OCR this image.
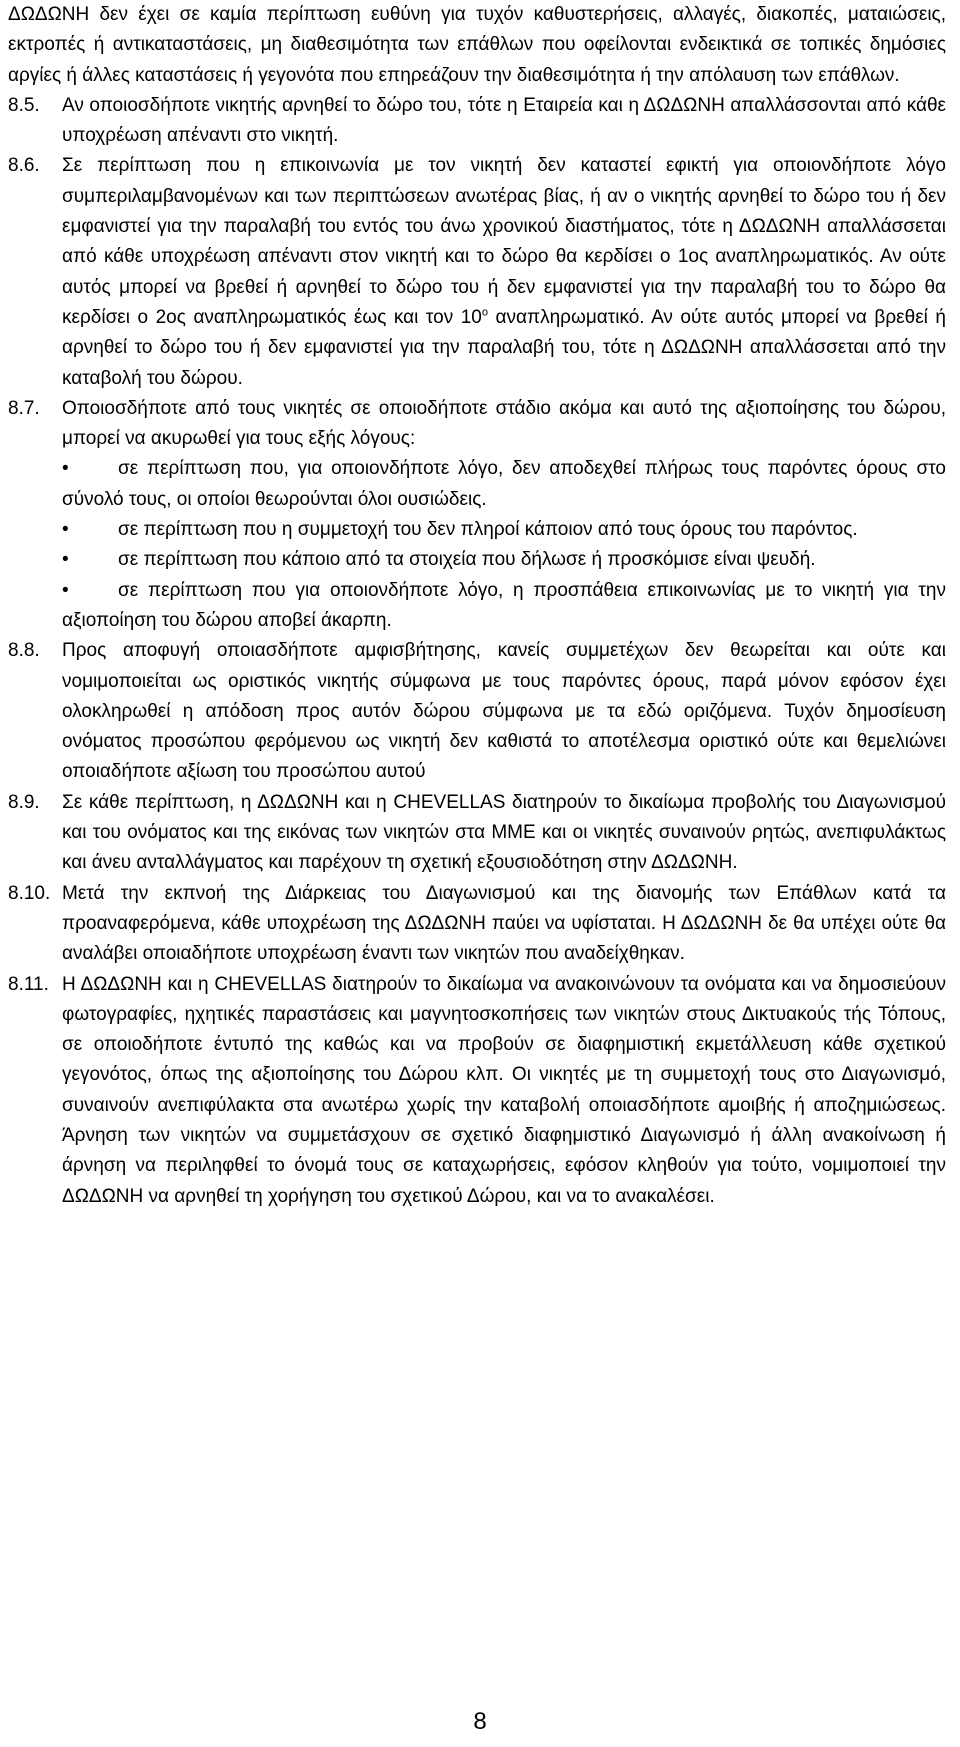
ΔΩΔΩΝΗ δεν έχει σε καμία περίπτωση ευθύνη για τυχόν καθυστερήσεις, αλλαγές, διακοπές, ματαιώσεις, εκτροπές ή αντικαταστάσεις, μη διαθεσιμότητα των επάθλων που οφείλονται ενδεικτικά σε τοπικές δημόσιες αργίες ή άλλες καταστάσεις ή γεγονότα που επηρεάζουν την διαθεσιμότητα ή την απόλαυση των επάθλων.

8.5. Αν οποιοσδήποτε νικητής αρνηθεί το δώρο του, τότε η Εταιρεία και η ΔΩΔΩΝΗ απαλλάσσονται από κάθε υποχρέωση απέναντι στο νικητή.

8.6. Σε περίπτωση που η επικοινωνία με τον νικητή δεν καταστεί εφικτή για οποιονδήποτε λόγο συμπεριλαμβανομένων και των περιπτώσεων ανωτέρας βίας, ή αν ο νικητής αρνηθεί το δώρο του ή δεν εμφανιστεί για την παραλαβή του εντός του άνω χρονικού διαστήματος, τότε η ΔΩΔΩΝΗ απαλλάσσεται από κάθε υποχρέωση απέναντι στον νικητή και το δώρο θα κερδίσει ο 1ος αναπληρωματικός. Αν ούτε αυτός μπορεί να βρεθεί ή αρνηθεί το δώρο του ή δεν εμφανιστεί για την παραλαβή του το δώρο θα κερδίσει ο 2ος αναπληρωματικός έως και τον $10^o$ αναπληρωματικό. Αν ούτε αυτός μπορεί να βρεθεί ή αρνηθεί το δώρο του ή δεν εμφανιστεί για την παραλαβή του, τότε η ΔΩΔΩΝΗ απαλλάσσεται από την καταβολή του δώρου.

8.7. Οποιοσδήποτε από τους νικητές σε οποιοδήποτε στάδιο ακόμα και αυτό της αξιοποίησης του δώρου, μπορεί να ακυρωθεί για τους εξής λόγους:

•	σε περίπτωση που, για οποιονδήποτε λόγο, δεν αποδεχθεί πλήρως τους παρόντες όρους στο σύνολό τους, οι οποίοι θεωρούνται όλοι ουσιώδεις.
•	σε περίπτωση που η συμμετοχή του δεν πληροί κάποιον από τους όρους του παρόντος.
•	σε περίπτωση που κάποιο από τα στοιχεία που δήλωσε ή προσκόμισε είναι ψευδή.
•	σε περίπτωση που για οποιονδήποτε λόγο, η προσπάθεια επικοινωνίας με το νικητή για την αξιοποίηση του δώρου αποβεί άκαρπη.

8.8. Προς αποφυγή οποιασδήποτε αμφισβήτησης, κανείς συμμετέχων δεν θεωρείται και ούτε και νομιμοποιείται ως οριστικός νικητής σύμφωνα με τους παρόντες όρους, παρά μόνον εφόσον έχει ολοκληρωθεί η απόδοση προς αυτόν δώρου σύμφωνα με τα εδώ οριζόμενα. Τυχόν δημοσίευση ονόματος προσώπου φερόμενου ως νικητή δεν καθιστά το αποτέλεσμα οριστικό ούτε και θεμελιώνει οποιαδήποτε αξίωση του προσώπου αυτού

8.9. Σε κάθε περίπτωση, η ΔΩΔΩΝΗ και η CHEVELLAS διατηρούν το δικαίωμα προβολής του Διαγωνισμού και του ονόματος και της εικόνας των νικητών στα ΜΜΕ και οι νικητές συναινούν ρητώς, ανεπιφυλάκτως και άνευ ανταλλάγματος και παρέχουν τη σχετική εξουσιοδότηση στην ΔΩΔΩΝΗ.

8.10. Μετά την εκπνοή της Διάρκειας του Διαγωνισμού και της διανομής των Επάθλων κατά τα προαναφερόμενα, κάθε υποχρέωση της ΔΩΔΩΝΗ παύει να υφίσταται. Η ΔΩΔΩΝΗ δε θα υπέχει ούτε θα αναλάβει οποιαδήποτε υποχρέωση έναντι των νικητών που αναδείχθηκαν.

8.11. Η ΔΩΔΩΝΗ και η CHEVELLAS διατηρούν το δικαίωμα να ανακοινώνουν τα ονόματα και να δημοσιεύουν φωτογραφίες, ηχητικές παραστάσεις και μαγνητοσκοπήσεις των νικητών στους Δικτυακούς τής Τόπους, σε οποιοδήποτε έντυπό της καθώς και να προβούν σε διαφημιστική εκμετάλλευση κάθε σχετικού γεγονότος, όπως της αξιοποίησης του Δώρου κλπ. Οι νικητές με τη συμμετοχή τους στο Διαγωνισμό, συναινούν ανεπιφύλακτα στα ανωτέρω χωρίς την καταβολή οποιασδήποτε αμοιβής ή αποζημιώσεως. Άρνηση των νικητών να συμμετάσχουν σε σχετικό διαφημιστικό Διαγωνισμό ή άλλη ανακοίνωση ή άρνηση να περιληφθεί το όνομά τους σε καταχωρήσεις, εφόσον κληθούν για τούτο, νομιμοποιεί την ΔΩΔΩΝΗ να αρνηθεί τη χορήγηση του σχετικού Δώρου, και να το ανακαλέσει.

8
